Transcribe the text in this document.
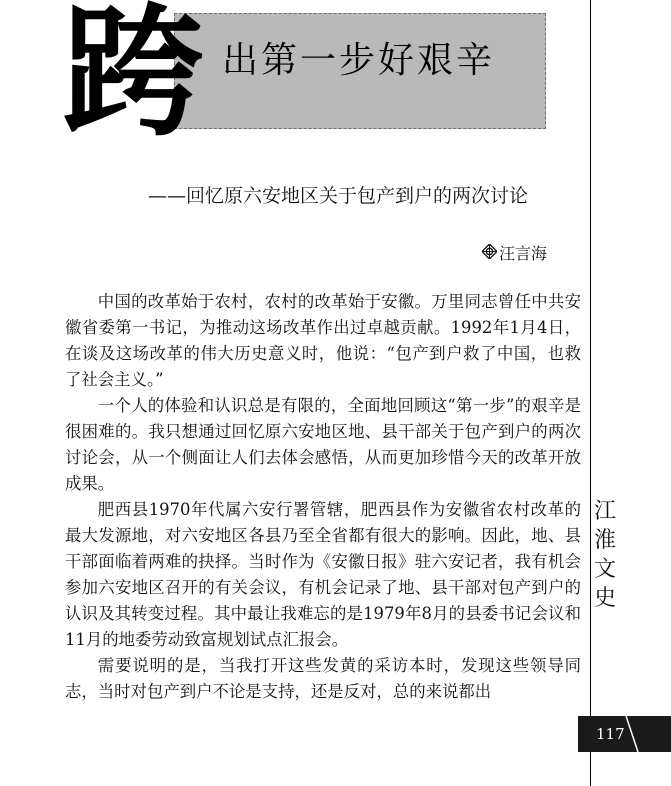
跨 出第一步好艰辛
——回忆原六安地区关于包产到户的两次讨论
汪言海

中国的改革始于农村，农村的改革始于安徽。万里同志曾任中共安徽省委第一书记，为推动这场改革作出过卓越贡献。1992年1月4日，在谈及这场改革的伟大历史意义时，他说：“包产到户救了中国，也救了社会主义。”

一个人的体验和认识总是有限的，全面地回顾这“第一步”的艰辛是很困难的。我只想通过回忆原六安地区地、县干部关于包产到户的两次讨论会，从一个侧面让人们去体会感悟，从而更加珍惜今天的改革开放成果。

肥西县1970年代属六安行署管辖，肥西县作为安徽省农村改革的最大发源地，对六安地区各县乃至全省都有很大的影响。因此，地、县干部面临着两难的抉择。当时作为《安徽日报》驻六安记者，我有机会参加六安地区召开的有关会议，有机会记录了地、县干部对包产到户的认识及其转变过程。其中最让我难忘的是1979年8月的县委书记会议和11月的地委劳动致富规划试点汇报会。

需要说明的是，当我打开这些发黄的采访本时，发现这些领导同志，当时对包产到户不论是支持，还是反对，总的来说都出

江
淮
文
史
117
